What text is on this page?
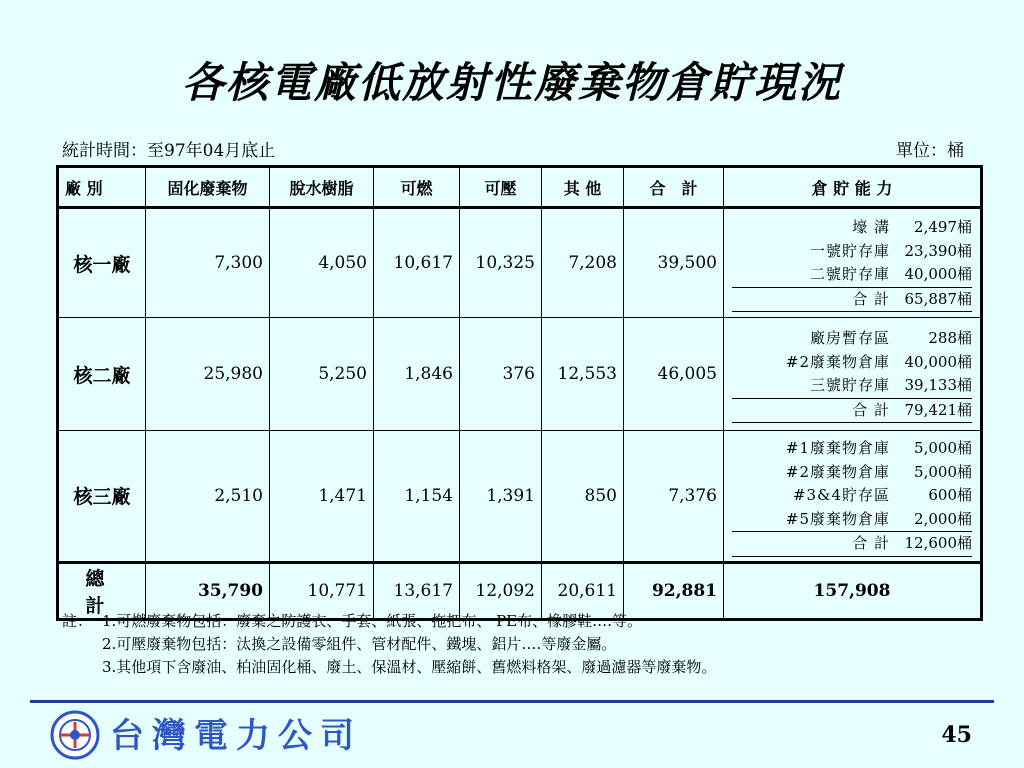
各核電廠低放射性廢棄物倉貯現況
統計時間：至97年04月底止	單位：桶
廠 別	固化廢棄物	脫水樹脂	可燃	可壓	其 他	合　計	倉 貯 能 力
核一廠	7,300	4,050	10,617	10,325	7,208	39,500	壕 溝 2,497桶
一號貯存庫 23,390桶
二號貯存庫 40,000桶
合 計 65,887桶

核二廠	25,980	5,250	1,846	376	12,553	46,005	廠房暫存區 288桶
#2廢棄物倉庫 40,000桶
三號貯存庫 39,133桶
合 計 79,421桶

核三廠	2,510	1,471	1,154	1,391	850	7,376	#1廢棄物倉庫 5,000桶
#2廢棄物倉庫 5,000桶
#3&4貯存區 600桶
#5廢棄物倉庫 2,000桶
合 計 12,600桶

總 計	35,790	10,771	13,617	12,092	20,611	92,881	157,908
註： 1.可燃廢棄物包括：廢棄之防護衣、手套、紙張、拖把布、 PE布、橡膠鞋‥‥等。
2.可壓廢棄物包括：汰換之設備零組件、管材配件、鐵塊、鋁片‥‥等廢金屬。
3.其他項下含廢油、柏油固化桶、廢土、保溫材、壓縮餅、舊燃料格架、廢過濾器等廢棄物。
台灣電力公司	45
